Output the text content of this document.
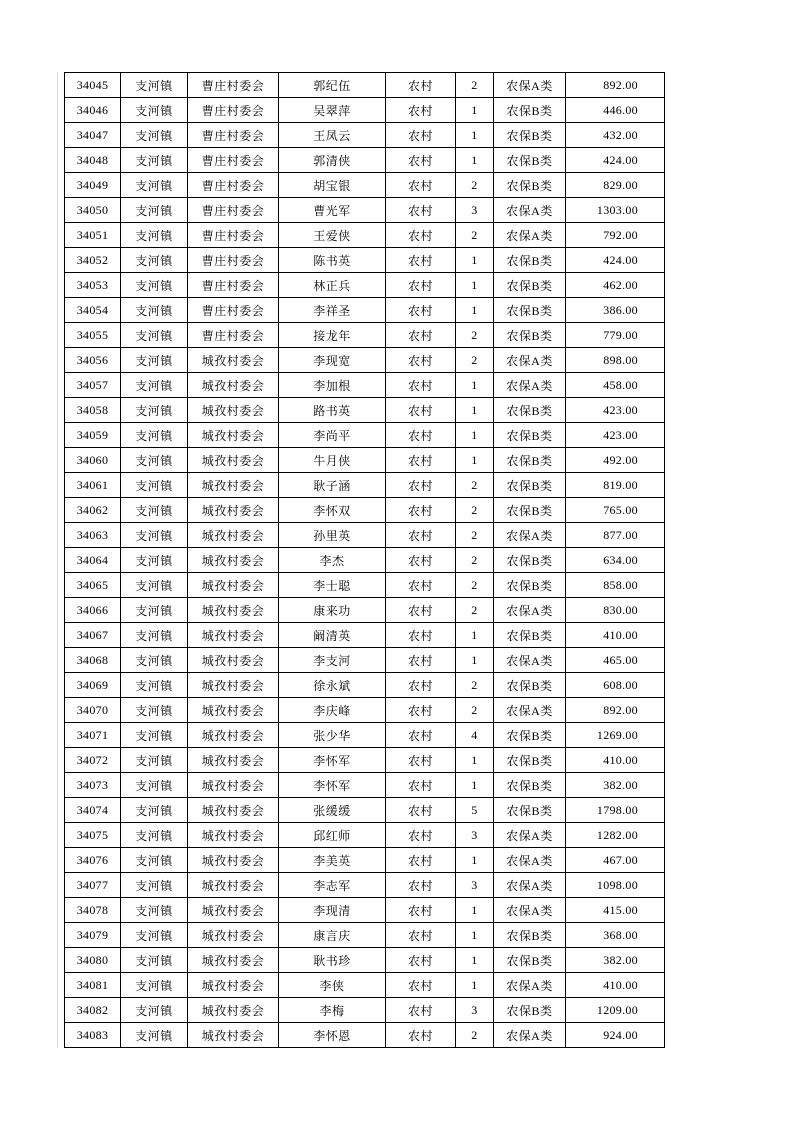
34045	支河镇	曹庄村委会	郭纪伍	农村	2	农保A类	892.00
34046	支河镇	曹庄村委会	吴翠萍	农村	1	农保B类	446.00
34047	支河镇	曹庄村委会	王凤云	农村	1	农保B类	432.00
34048	支河镇	曹庄村委会	郭清侠	农村	1	农保B类	424.00
34049	支河镇	曹庄村委会	胡宝银	农村	2	农保B类	829.00
34050	支河镇	曹庄村委会	曹光军	农村	3	农保A类	1303.00
34051	支河镇	曹庄村委会	王爱侠	农村	2	农保A类	792.00
34052	支河镇	曹庄村委会	陈书英	农村	1	农保B类	424.00
34053	支河镇	曹庄村委会	林正兵	农村	1	农保B类	462.00
34054	支河镇	曹庄村委会	李祥圣	农村	1	农保B类	386.00
34055	支河镇	曹庄村委会	接龙年	农村	2	农保B类	779.00
34056	支河镇	城孜村委会	李现宽	农村	2	农保A类	898.00
34057	支河镇	城孜村委会	李加根	农村	1	农保A类	458.00
34058	支河镇	城孜村委会	路书英	农村	1	农保B类	423.00
34059	支河镇	城孜村委会	李尚平	农村	1	农保B类	423.00
34060	支河镇	城孜村委会	牛月侠	农村	1	农保B类	492.00
34061	支河镇	城孜村委会	耿子涵	农村	2	农保B类	819.00
34062	支河镇	城孜村委会	李怀双	农村	2	农保B类	765.00
34063	支河镇	城孜村委会	孙里英	农村	2	农保A类	877.00
34064	支河镇	城孜村委会	李杰	农村	2	农保B类	634.00
34065	支河镇	城孜村委会	李士聪	农村	2	农保B类	858.00
34066	支河镇	城孜村委会	康来功	农村	2	农保A类	830.00
34067	支河镇	城孜村委会	阚清英	农村	1	农保B类	410.00
34068	支河镇	城孜村委会	李支河	农村	1	农保A类	465.00
34069	支河镇	城孜村委会	徐永斌	农村	2	农保B类	608.00
34070	支河镇	城孜村委会	李庆峰	农村	2	农保A类	892.00
34071	支河镇	城孜村委会	张少华	农村	4	农保B类	1269.00
34072	支河镇	城孜村委会	李怀军	农村	1	农保B类	410.00
34073	支河镇	城孜村委会	李怀军	农村	1	农保B类	382.00
34074	支河镇	城孜村委会	张缓缓	农村	5	农保B类	1798.00
34075	支河镇	城孜村委会	邱红师	农村	3	农保A类	1282.00
34076	支河镇	城孜村委会	李美英	农村	1	农保A类	467.00
34077	支河镇	城孜村委会	李志军	农村	3	农保A类	1098.00
34078	支河镇	城孜村委会	李现清	农村	1	农保A类	415.00
34079	支河镇	城孜村委会	康言庆	农村	1	农保B类	368.00
34080	支河镇	城孜村委会	耿书珍	农村	1	农保B类	382.00
34081	支河镇	城孜村委会	李侠	农村	1	农保A类	410.00
34082	支河镇	城孜村委会	李梅	农村	3	农保B类	1209.00
34083	支河镇	城孜村委会	李怀恩	农村	2	农保A类	924.00
